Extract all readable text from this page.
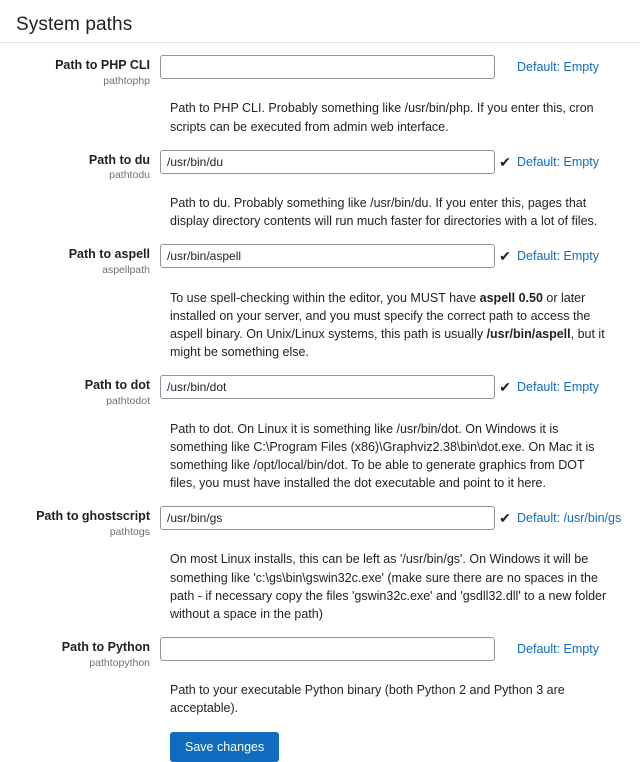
System paths
Path to PHP CLI
pathtophp
Default: Empty
Path to PHP CLI. Probably something like /usr/bin/php. If you enter this, cron scripts can be executed from admin web interface.
Path to du
pathtodu
/usr/bin/du
✔ Default: Empty
Path to du. Probably something like /usr/bin/du. If you enter this, pages that display directory contents will run much faster for directories with a lot of files.
Path to aspell
aspellpath
/usr/bin/aspell
✔ Default: Empty
To use spell-checking within the editor, you MUST have aspell 0.50 or later installed on your server, and you must specify the correct path to access the aspell binary. On Unix/Linux systems, this path is usually /usr/bin/aspell, but it might be something else.
Path to dot
pathtodot
/usr/bin/dot
✔ Default: Empty
Path to dot. On Linux it is something like /usr/bin/dot. On Windows it is something like C:\Program Files (x86)\Graphviz2.38\bin\dot.exe. On Mac it is something like /opt/local/bin/dot. To be able to generate graphics from DOT files, you must have installed the dot executable and point to it here.
Path to ghostscript
pathtogs
/usr/bin/gs
✔ Default: /usr/bin/gs
On most Linux installs, this can be left as '/usr/bin/gs'. On Windows it will be something like 'c:\gs\bin\gswin32c.exe' (make sure there are no spaces in the path - if necessary copy the files 'gswin32c.exe' and 'gsdll32.dll' to a new folder without a space in the path)
Path to Python
pathtopython
Default: Empty
Path to your executable Python binary (both Python 2 and Python 3 are acceptable).
Save changes
